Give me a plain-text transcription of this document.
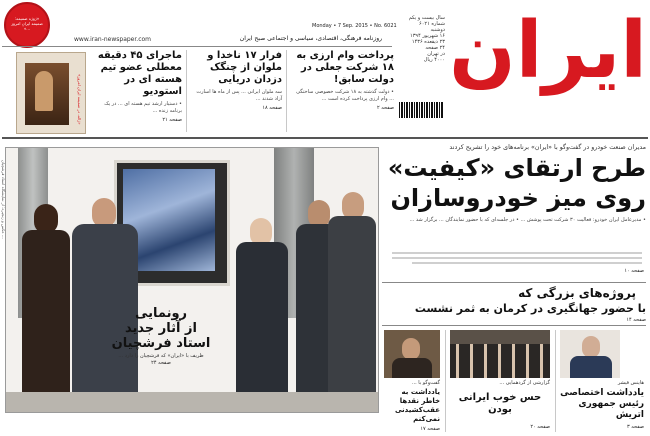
«ژوژه ضمیمه: ضمیمه ایرانِ امروز ...»	Monday • 7 Sep. 2015 • No. 6021
روزنامه فرهنگی، اقتصادی، سیاسی و اجتماعی صبح ایران
www.iran-newspaper.com	ایران
سال بیست و یکم
شماره ۶۰۲۱
دوشنبه
۱۶ شهریور ۱۳۹۴
۲۳ ذیقعده ۱۴۳۶
۲۴ صفحه
در تهران
۴۰۰۰ ریال
پرداخت وام ارزی به ۱۸ شرکت جعلی در دولت سابق!
• دولت گذشته به ۱۸ شرکت خصوصی ساختگی ... وام ارزی پرداخت کرده است ...
صفحه ۲
فرار ۱۷ ناخدا و ملوان از چنگک دزدان دریایی
سه ملوان ایرانی ... پس از ماه ها اسارت آزاد شدند ...
صفحه ۱۸
ماجرای ۴۵ دقیقه معطلی عضو تیم هسته ای در استودیو
• دستیار ارشد تیم هسته ای ... در یک برنامه زنده ...
صفحه ۲۱
«ژاله، در ضمیمه ایران امروز»
مدیران صنعت خودرو در گفت‌وگو با «ایران» برنامه‌های خود را تشریح کردند
طرح ارتقای «کیفیت»
روی میز خودروسازان
• مدیرعامل ایران خودرو: فعالیت ۳۰ شرکت تحت پوشش ... • در جلسه‌ای که با حضور نمایندگان ... برگزار شد ...
صفحه ۱۰
رونمایی
از آثار جدید
استاد فرشچیان
ظریف با «ایران» که فرشچیان را دارد ...
صفحه ۲۴
عکس و زنجیره: از نمایشگاه استاد فرشچیان ...
پروژه‌های بزرگی که
با حضور جهانگیری در کرمان به ثمر نشست
صفحه ۱۴
هاینس فیشر
یادداشت اختصاصی رئیس جمهوری اتریش
صفحه ۳
گزارشی از گردهمایی ...
حس خوب ایرانی بودن
صفحه ۲۰
گفت‌وگو با ...
یادداشت به خاطر نقدها عقب‌کشیدنی نمی‌کنم
صفحه ۱۷
